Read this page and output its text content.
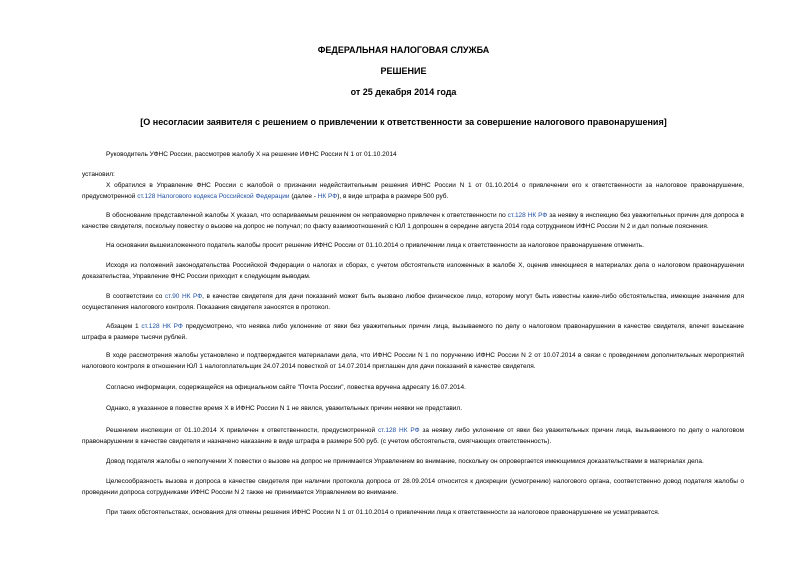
ФЕДЕРАЛЬНАЯ НАЛОГОВАЯ СЛУЖБА
РЕШЕНИЕ
от 25 декабря 2014 года
[О несогласии заявителя с решением о привлечении к ответственности за совершение налогового правонарушения]

Руководитель УФНС России, рассмотрев жалобу Х на решение ИФНС России N 1 от 01.10.2014

установил:

Х обратился в Управление ФНС России с жалобой о признании недействительным решения ИФНС России N 1 от 01.10.2014 о привлечении его к ответственности за налоговое правонарушение, предусмотренной ст.128 Налогового кодекса Российской Федерации (далее - НК РФ), в виде штрафа в размере 500 руб.

В обоснование представленной жалобы Х указал, что оспариваемым решением он неправомерно привлечен к ответственности по ст.128 НК РФ за неявку в инспекцию без уважительных причин для допроса в качестве свидетеля, поскольку повестку о вызове на допрос не получал; по факту взаимоотношений с ЮЛ 1 допрошен в середине августа 2014 года сотрудником ИФНС России N 2 и дал полные пояснения.

На основании вышеизложенного податель жалобы просит решение ИФНС России от 01.10.2014 о привлечении лица к ответственности за налоговое правонарушение отменить.

Исходя из положений законодательства Российской Федерации о налогах и сборах, с учетом обстоятельств изложенных в жалобе Х, оценив имеющиеся в материалах дела о налоговом правонарушении доказательства, Управление ФНС России приходит к следующим выводам.

В соответствии со ст.90 НК РФ, в качестве свидетеля для дачи показаний может быть вызвано любое физическое лицо, которому могут быть известны какие-либо обстоятельства, имеющие значение для осуществления налогового контроля. Показания свидетеля заносятся в протокол.

Абзацем 1 ст.128 НК РФ предусмотрено, что неявка либо уклонение от явки без уважительных причин лица, вызываемого по делу о налоговом правонарушении в качестве свидетеля, влечет взыскание штрафа в размере тысячи рублей.

В ходе рассмотрения жалобы установлено и подтверждается материалами дела, что ИФНС России N 1 по поручению ИФНС России N 2 от 10.07.2014 в связи с проведением дополнительных мероприятий налогового контроля в отношении ЮЛ 1 налогоплательщик 24.07.2014 повесткой от 14.07.2014 приглашен для дачи показаний в качестве свидетеля.

Согласно информации, содержащейся на официальном сайте "Почта России", повестка вручена адресату 16.07.2014.

Однако, в указанное в повестке время Х в ИФНС России N 1 не явился, уважительных причин неявки не представил.

Решением инспекции от 01.10.2014 Х привлечен к ответственности, предусмотренной ст.128 НК РФ за неявку либо уклонение от явки без уважительных причин лица, вызываемого по делу о налоговом правонарушении в качестве свидетеля и назначено наказание в виде штрафа в размере 500 руб. (с учетом обстоятельств, смягчающих ответственность).

Довод подателя жалобы о неполучении Х повестки о вызове на допрос не принимается Управлением во внимание, поскольку он опровергается имеющимися доказательствами в материалах дела.

Целесообразность вызова и допроса в качестве свидетеля при наличии протокола допроса от 28.09.2014 относится к дискреции (усмотрению) налогового органа, соответственно довод подателя жалобы о проведении допроса сотрудниками ИФНС России N 2 также не принимается Управлением во внимание.

При таких обстоятельствах, основания для отмены решения ИФНС России N 1 от 01.10.2014 о привлечении лица к ответственности за налоговое правонарушение не усматривается.
